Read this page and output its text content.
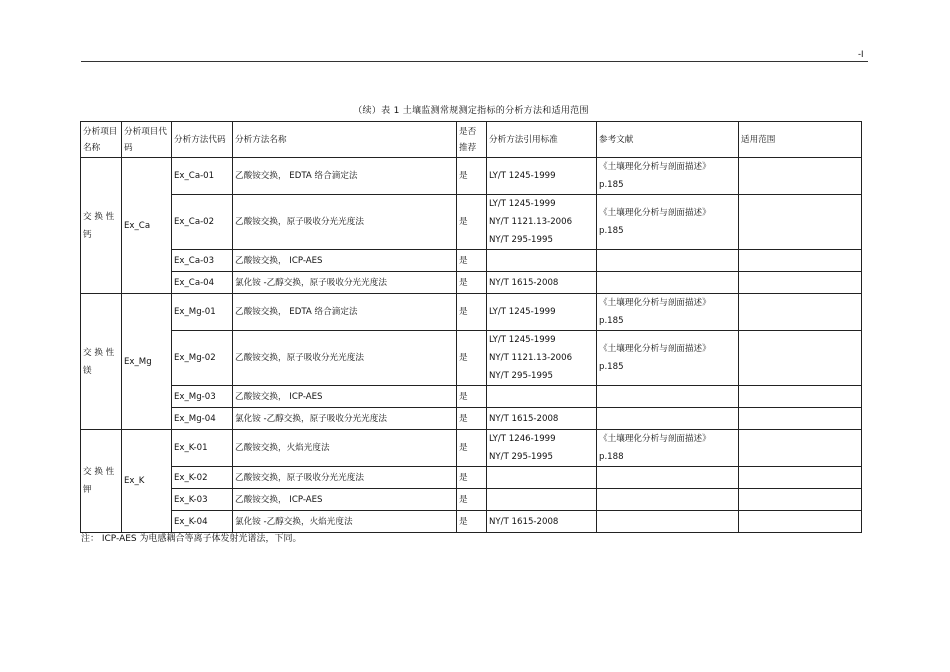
-I
（续）表 1 土壤监测常规测定指标的分析方法和适用范围
分析项目名称	分析项目代码	分析方法代码	分析方法名称	是否推荐	分析方法引用标准	参考文献	适用范围

交 换 性
钙	Ex_Ca	Ex_Ca-01	乙酸铵交换， EDTA 络合滴定法	是	LY/T 1245-1999	《土壤理化分析与剖面描述》
p.185	

		Ex_Ca-02	乙酸铵交换，原子吸收分光光度法	是	LY/T 1245-1999
NY/T 1121.13-2006
NY/T 295-1995	《土壤理化分析与剖面描述》
p.185	

		Ex_Ca-03	乙酸铵交换， ICP-AES	是			
		Ex_Ca-04	氯化铵 -乙醇交换，原子吸收分光光度法	是	NY/T 1615-2008		

交 换 性
镁	Ex_Mg	Ex_Mg-01	乙酸铵交换， EDTA 络合滴定法	是	LY/T 1245-1999	《土壤理化分析与剖面描述》
p.185	

		Ex_Mg-02	乙酸铵交换，原子吸收分光光度法	是	LY/T 1245-1999
NY/T 1121.13-2006
NY/T 295-1995	《土壤理化分析与剖面描述》
p.185	

		Ex_Mg-03	乙酸铵交换， ICP-AES	是			
		Ex_Mg-04	氯化铵 -乙醇交换，原子吸收分光光度法	是	NY/T 1615-2008		

交 换 性
钾	Ex_K	Ex_K-01	乙酸铵交换，火焰光度法	是	LY/T 1246-1999
NY/T 295-1995	《土壤理化分析与剖面描述》
p.188	

		Ex_K-02	乙酸铵交换，原子吸收分光光度法	是			
		Ex_K-03	乙酸铵交换， ICP-AES	是			
		Ex_K-04	氯化铵 -乙醇交换，火焰光度法	是	NY/T 1615-2008		

注： ICP-AES 为电感耦合等离子体发射光谱法，下同。
